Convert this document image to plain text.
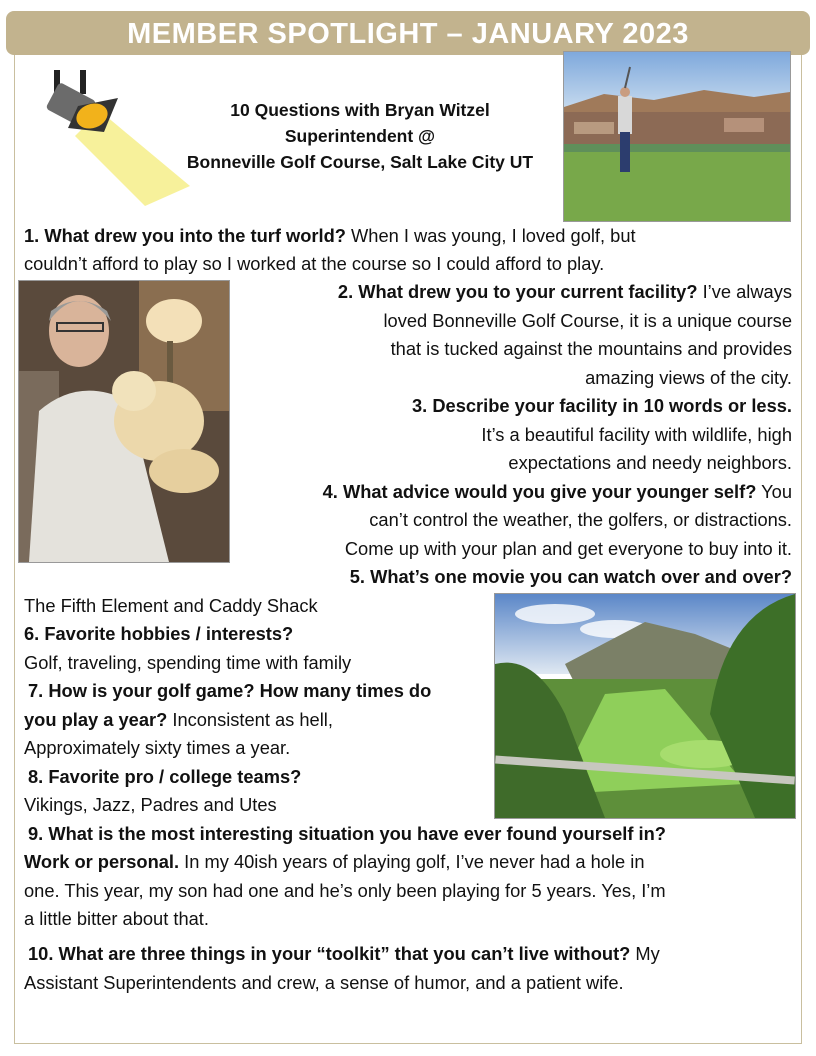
MEMBER SPOTLIGHT – JANUARY 2023
10 Questions with Bryan Witzel
Superintendent @
Bonneville Golf Course, Salt Lake City UT
1. What drew you into the turf world? When I was young, I loved golf, but
couldn’t afford to play so I worked at the course so I could afford to play.
2. What drew you to your current facility? I’ve always
loved Bonneville Golf Course, it is a unique course
that is tucked against the mountains and provides
amazing views of the city.
3. Describe your facility in 10 words or less.
It’s a beautiful facility with wildlife, high
expectations and needy neighbors.
4. What advice would you give your younger self? You
can’t control the weather, the golfers, or distractions.
Come up with your plan and get everyone to buy into it.
5. What’s one movie you can watch over and over?
The Fifth Element and Caddy Shack
6. Favorite hobbies / interests?
Golf, traveling, spending time with family
7. How is your golf game? How many times do
you play a year? Inconsistent as hell,
Approximately sixty times a year.
8. Favorite pro / college teams?
Vikings, Jazz, Padres and Utes
9. What is the most interesting situation you have ever found yourself in?
Work or personal. In my 40ish years of playing golf, I’ve never had a hole in
one. This year, my son had one and he’s only been playing for 5 years. Yes, I’m
a little bitter about that.
10. What are three things in your “toolkit” that you can’t live without? My
Assistant Superintendents and crew, a sense of humor, and a patient wife.
